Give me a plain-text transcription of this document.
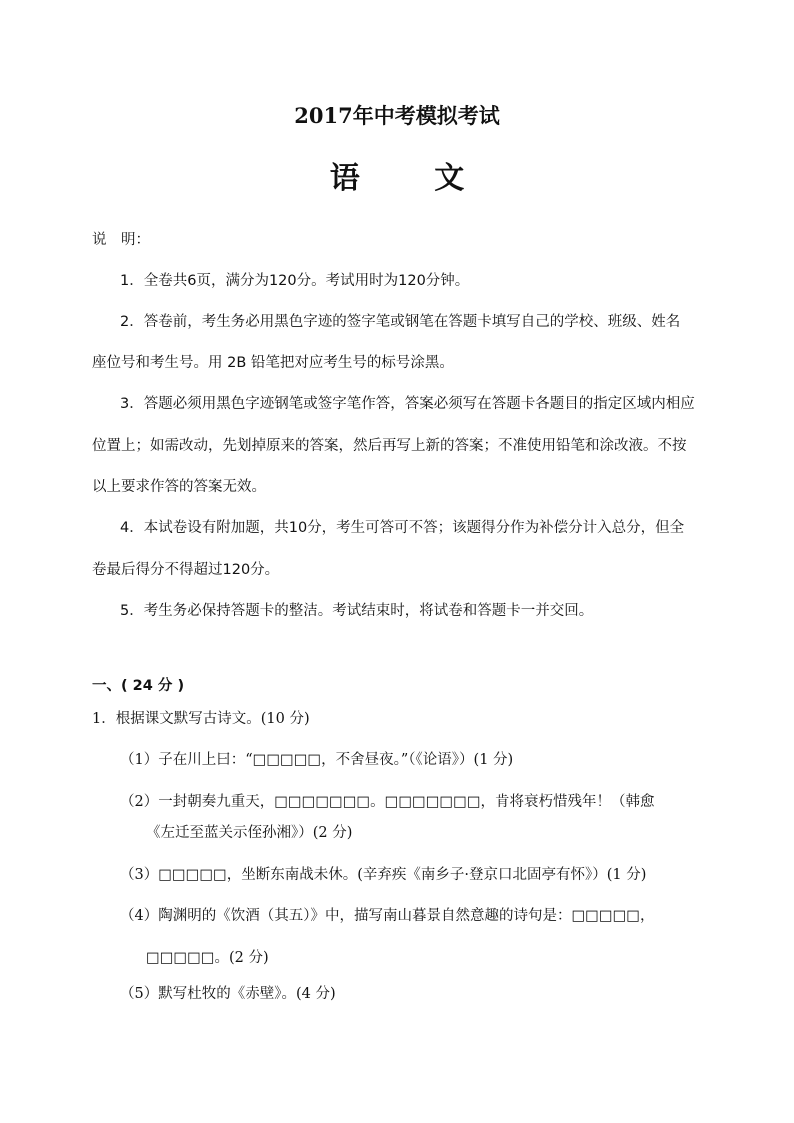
2017年中考模拟考试
语 文

说　明：

1．全卷共6页，满分为120分。考试用时为120分钟。

2．答卷前，考生务必用黑色字迹的签字笔或钢笔在答题卡填写自己的学校、班级、姓名

座位号和考生号。用 2B 铅笔把对应考生号的标号涂黑。

3．答题必须用黑色字迹钢笔或签字笔作答，答案必须写在答题卡各题目的指定区域内相应

位置上；如需改动，先划掉原来的答案，然后再写上新的答案；不准使用铅笔和涂改液。不按

以上要求作答的答案无效。

4．本试卷设有附加题，共10分，考生可答可不答；该题得分作为补偿分计入总分，但全

卷最后得分不得超过120分。

5．考生务必保持答题卡的整洁。考试结束时，将试卷和答题卡一并交回。

一、( 24 分 )

1．根据课文默写古诗文。(10 分)

（1）子在川上曰：“□□□□□，不舍昼夜。”（《论语》）(1 分)

（2）一封朝奏九重天，□□□□□□□。□□□□□□□，肯将衰朽惜残年！（韩愈

《左迁至蓝关示侄孙湘》）(2 分)

（3）□□□□□，坐断东南战未休。(辛弃疾《南乡子·登京口北固亭有怀》）(1 分)

（4）陶渊明的《饮酒（其五）》中，描写南山暮景自然意趣的诗句是：□□□□□，

□□□□□。(2 分)

（5）默写杜牧的《赤壁》。(4 分)
